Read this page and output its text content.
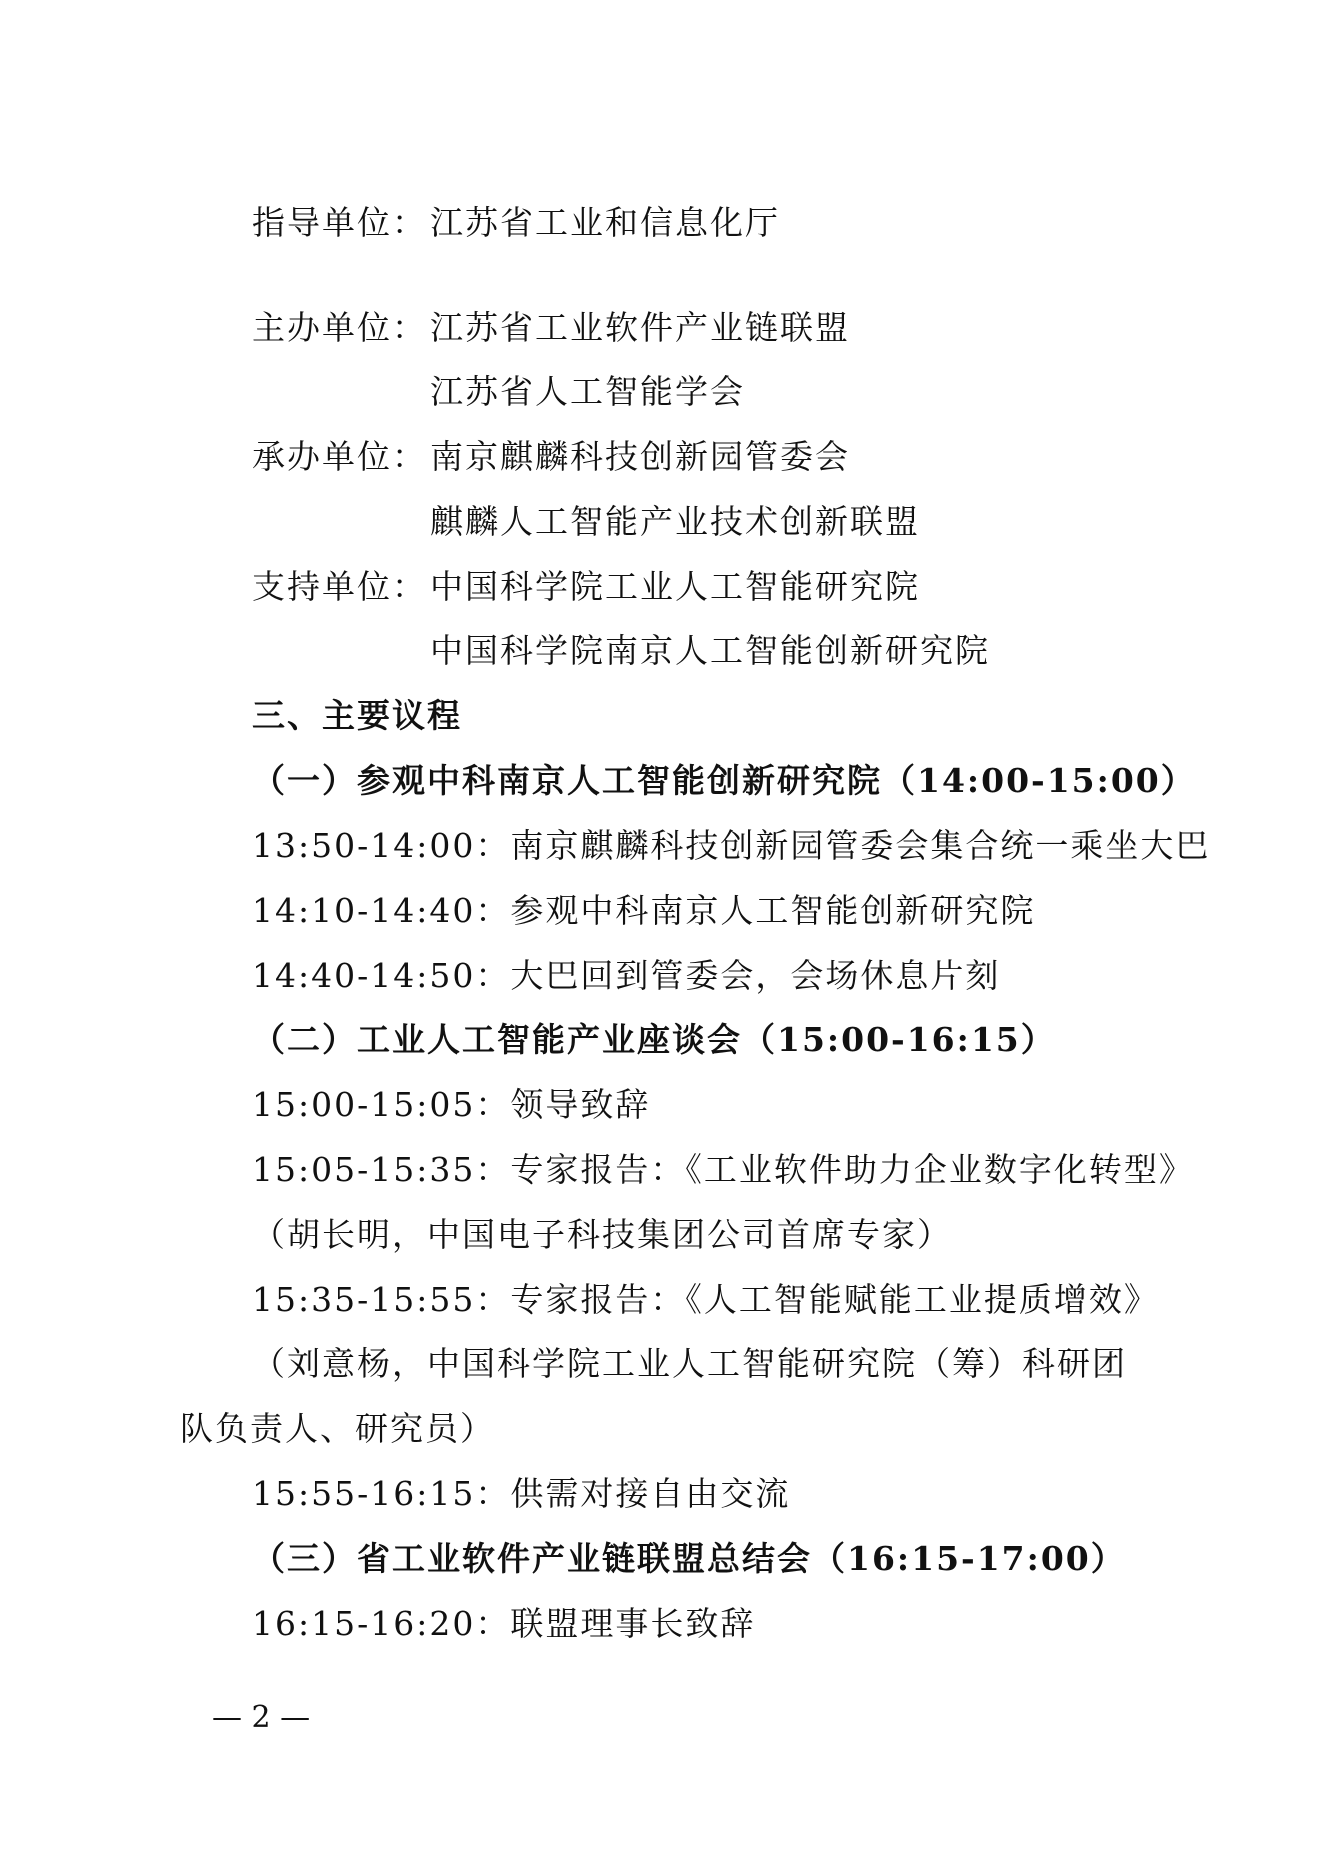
指导单位： 江苏省工业和信息化厅
主办单位： 江苏省工业软件产业链联盟
江苏省人工智能学会
承办单位： 南京麒麟科技创新园管委会
麒麟人工智能产业技术创新联盟
支持单位： 中国科学院工业人工智能研究院
中国科学院南京人工智能创新研究院
三、主要议程
（一）参观中科南京人工智能创新研究院（14:00-15:00）
13:50-14:00：南京麒麟科技创新园管委会集合统一乘坐大巴
14:10-14:40：参观中科南京人工智能创新研究院
14:40-14:50：大巴回到管委会，会场休息片刻
（二）工业人工智能产业座谈会（15:00-16:15）
15:00-15:05：领导致辞
15:05-15:35：专家报告：《工业软件助力企业数字化转型》
（胡长明，中国电子科技集团公司首席专家）
15:35-15:55：专家报告：《人工智能赋能工业提质增效》
（刘意杨，中国科学院工业人工智能研究院（筹）科研团
队负责人、研究员）
15:55-16:15：供需对接自由交流
（三）省工业软件产业链联盟总结会（16:15-17:00）
16:15-16:20：联盟理事长致辞
— 2 —
